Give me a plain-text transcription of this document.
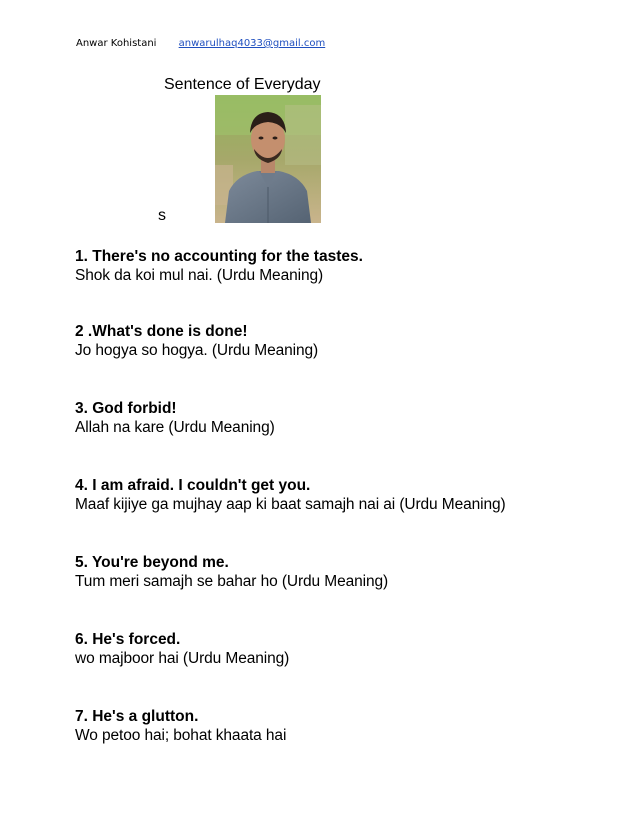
Anwar Kohistani anwarulhaq4033@gmail.com
Sentence of Everyday
s
1. There's no accounting for the tastes.
Shok da koi mul nai. (Urdu Meaning)
2 .What's done is done!
Jo hogya so hogya. (Urdu Meaning)
3. God forbid!
Allah na kare (Urdu Meaning)
4. I am afraid. I couldn't get you.
Maaf kijiye ga mujhay aap ki baat samajh nai ai (Urdu Meaning)
5. You're beyond me.
Tum meri samajh se bahar ho (Urdu Meaning)
6. He's forced.
wo majboor hai (Urdu Meaning)
7. He's a glutton.
Wo petoo hai; bohat khaata hai
